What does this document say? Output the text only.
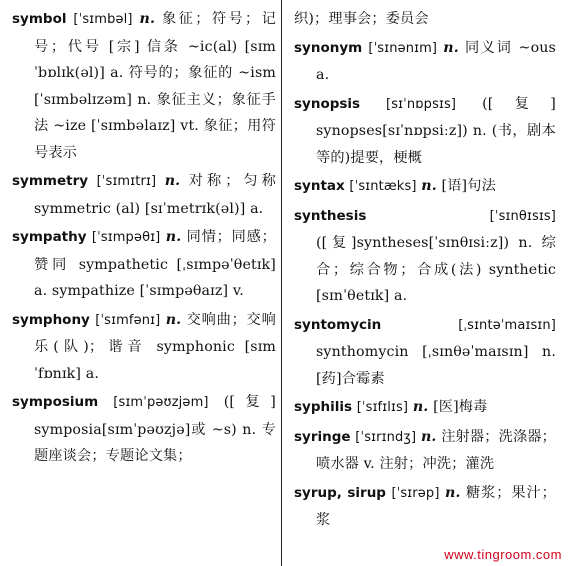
symbol [ˈsɪmbəl] n. 象征；符号；记号；代号 [宗] 信条 ~ic(al) [sɪmˈbɒlɪk(əl)] a. 符号的；象征的 ~ism [ˈsɪmbəlɪzəm] n. 象征主义；象征手法 ~ize [ˈsɪmbəlaɪz] vt. 象征；用符号表示

symmetry [ˈsɪmɪtrɪ] n. 对称；匀称 symmetric (al) [sɪˈmetrɪk(əl)] a.

sympathy [ˈsɪmpəθɪ] n. 同情；同感；赞同 sympathetic [ˌsɪmpəˈθetɪk] a. sympathize [ˈsɪmpəθaɪz] v.

symphony [ˈsɪmfənɪ] n. 交响曲；交响乐(队)；谐音 symphonic [sɪmˈfɒnɪk] a.

symposium [sɪmˈpəʊzjəm] ([复] symposia[sɪmˈpəʊzjə]或 ~s) n. 专题座谈会；专题论文集；

织)；理事会；委员会

synonym [ˈsɪnənɪm] n. 同义词 ~ous a.

synopsis [sɪˈnɒpsɪs] ([复] synopses[sɪˈnɒpsiːz]) n. (书，剧本等的)提要，梗概

syntax [ˈsɪntæks] n. [语]句法

synthesis	[ˈsɪnθɪsɪs] ([复]syntheses[ˈsɪnθɪsiːz]) n. 综合；综合物；合成(法) synthetic [sɪnˈθetɪk] a.

syntomycin	[ˌsɪntəˈmaɪsɪn] synthomycin [ˌsɪnθəˈmaɪsɪn] n. [药]合霉素

syphilis [ˈsɪfɪlɪs] n. [医]梅毒

syringe [ˈsɪrɪndʒ] n. 注射器；洗涤器；喷水器 v. 注射；冲洗；灌洗

syrup, sirup [ˈsɪrəp] n. 糖浆；果汁；浆

www.tingroom.com
